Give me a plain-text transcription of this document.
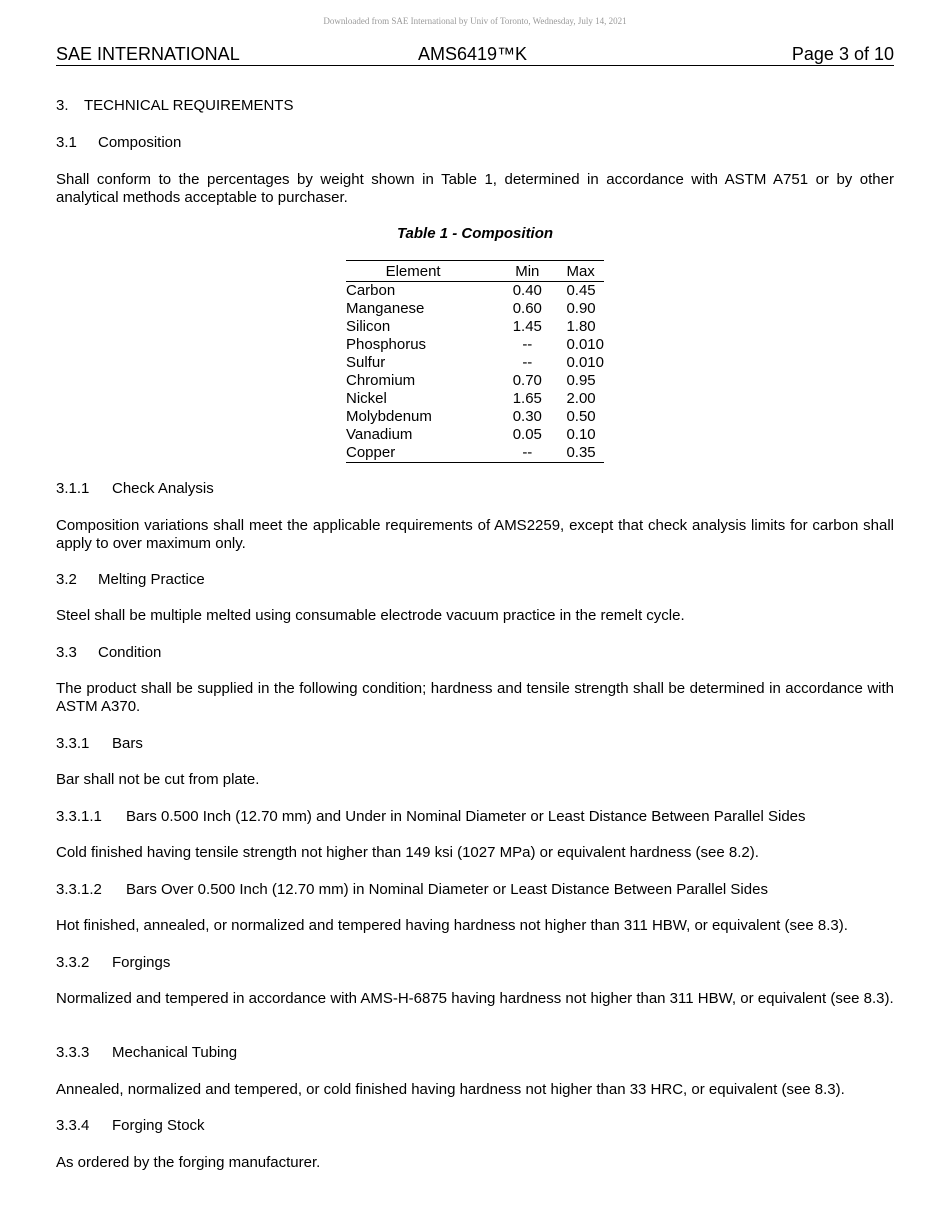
Downloaded from SAE International by Univ of Toronto, Wednesday, July 14, 2021
SAE INTERNATIONAL	AMS6419™K	Page 3 of 10
3. TECHNICAL REQUIREMENTS
3.1 Composition
Shall conform to the percentages by weight shown in Table 1, determined in accordance with ASTM A751 or by other analytical methods acceptable to purchaser.
Table 1 - Composition
Element	Min	Max
Carbon	0.40	0.45
Manganese	0.60	0.90
Silicon	1.45	1.80
Phosphorus	--	0.010
Sulfur	--	0.010
Chromium	0.70	0.95
Nickel	1.65	2.00
Molybdenum	0.30	0.50
Vanadium	0.05	0.10
Copper	--	0.35
3.1.1 Check Analysis
Composition variations shall meet the applicable requirements of AMS2259, except that check analysis limits for carbon shall apply to over maximum only.
3.2 Melting Practice
Steel shall be multiple melted using consumable electrode vacuum practice in the remelt cycle.
3.3 Condition
The product shall be supplied in the following condition; hardness and tensile strength shall be determined in accordance with ASTM A370.
3.3.1 Bars
Bar shall not be cut from plate.
3.3.1.1 Bars 0.500 Inch (12.70 mm) and Under in Nominal Diameter or Least Distance Between Parallel Sides
Cold finished having tensile strength not higher than 149 ksi (1027 MPa) or equivalent hardness (see 8.2).
3.3.1.2 Bars Over 0.500 Inch (12.70 mm) in Nominal Diameter or Least Distance Between Parallel Sides
Hot finished, annealed, or normalized and tempered having hardness not higher than 311 HBW, or equivalent (see 8.3).
3.3.2 Forgings
Normalized and tempered in accordance with AMS-H-6875 having hardness not higher than 311 HBW, or equivalent (see 8.3).
3.3.3 Mechanical Tubing
Annealed, normalized and tempered, or cold finished having hardness not higher than 33 HRC, or equivalent (see 8.3).
3.3.4 Forging Stock
As ordered by the forging manufacturer.
